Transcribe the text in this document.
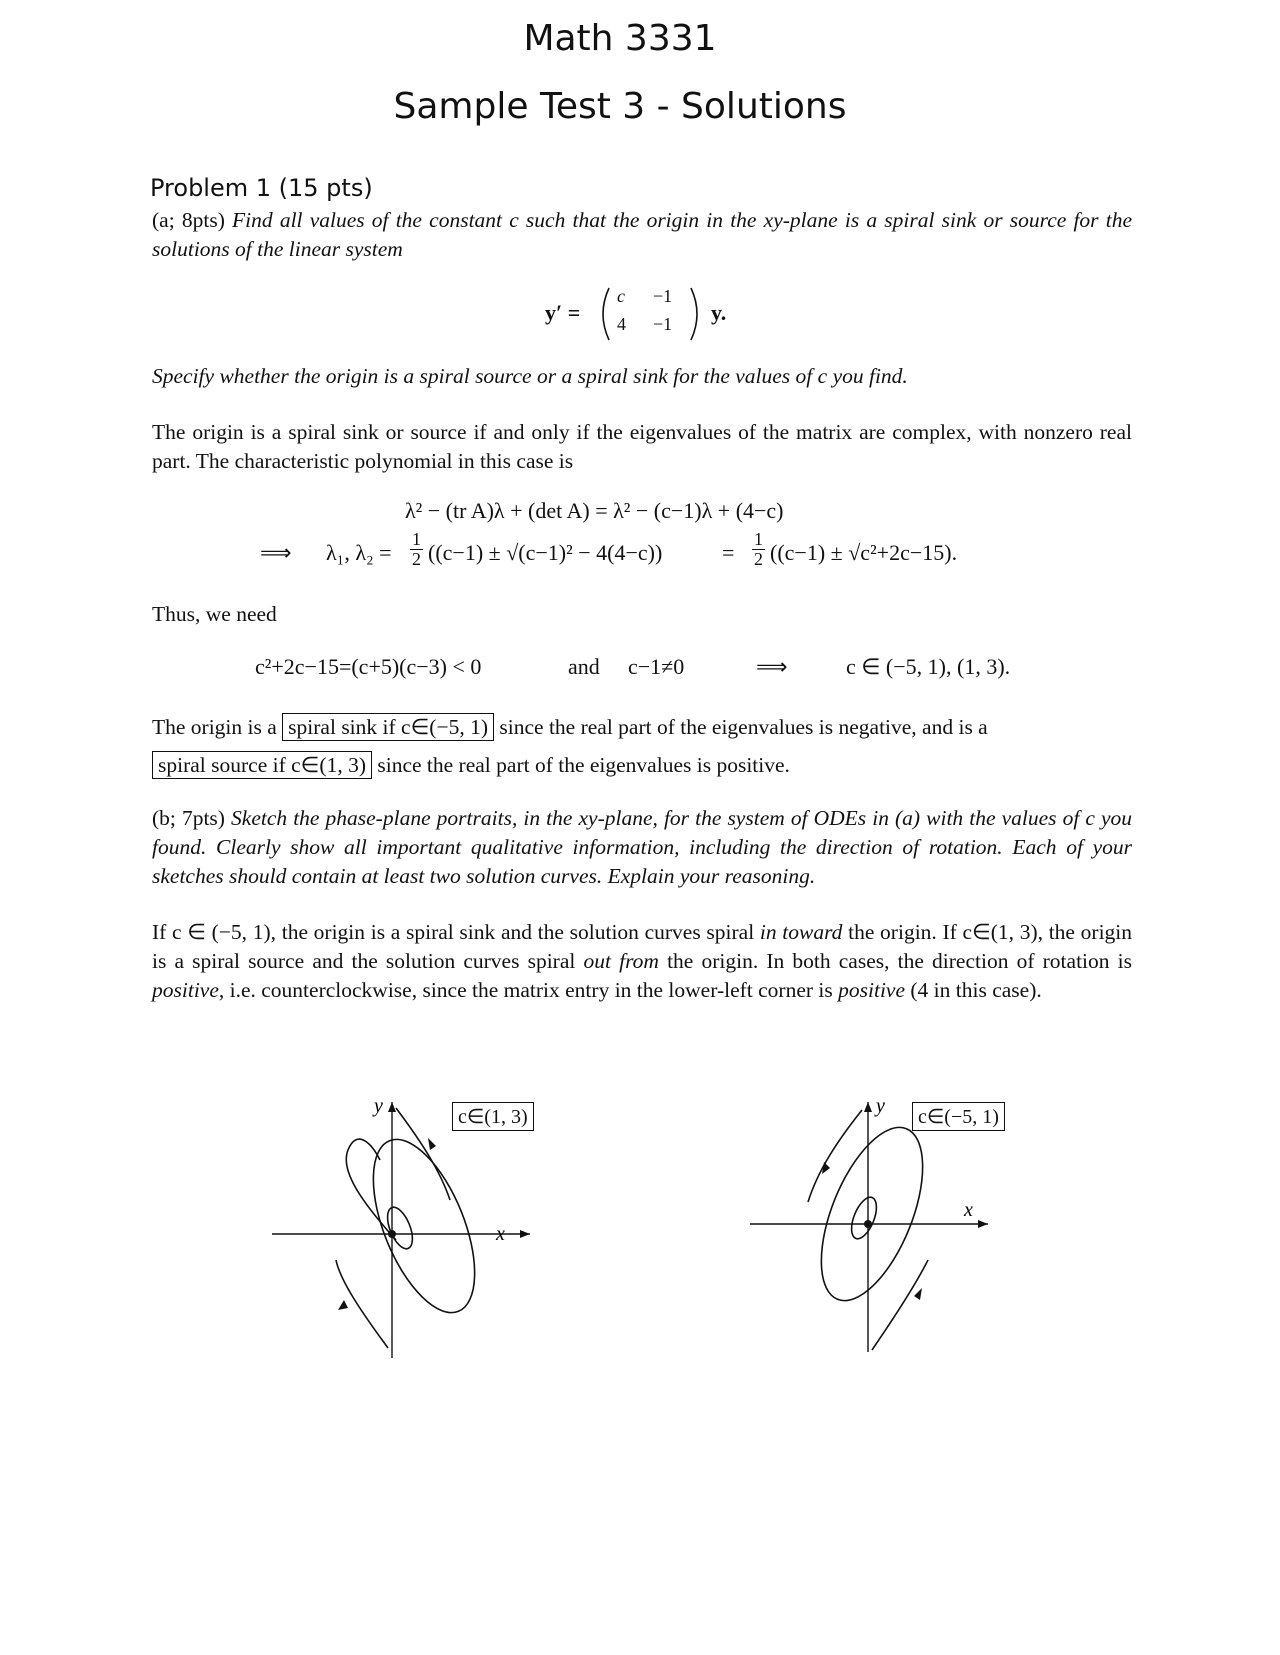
Math 3331
Sample Test 3 - Solutions
Problem 1 (15 pts)
(a; 8pts) Find all values of the constant c such that the origin in the xy-plane is a spiral sink or source for the solutions of the linear system
y′ =
c −1
4 −1 y.
Specify whether the origin is a spiral source or a spiral sink for the values of c you find.
The origin is a spiral sink or source if and only if the eigenvalues of the matrix are complex, with nonzero real part. The characteristic polynomial in this case is
λ² − (tr A)λ + (det A) = λ² − (c−1)λ + (4−c)
⟹ λ₁, $\lambda_2 = \frac{1}{2} ((c-1) \pm √(c-1)^2 - 4(4-c))$	= $\frac{1}{2} ((c-1) \pm √c^2+2c-15)$.
Thus, we need
c²+2c−15=(c+5)(c−3) < 0	and c−1≠0	⟹	c ∈ (−5, 1), (1, 3).
The origin is a spiral sink if c∈(−5, 1) since the real part of the eigenvalues is negative, and is a
spiral source if c∈(1, 3) since the real part of the eigenvalues is positive.
(b; 7pts) Sketch the phase-plane portraits, in the xy-plane, for the system of ODEs in (a) with the values of c you found. Clearly show all important qualitative information, including the direction of rotation. Each of your sketches should contain at least two solution curves. Explain your reasoning.
If c ∈ (−5, 1), the origin is a spiral sink and the solution curves spiral in toward the origin. If c∈(1, 3), the origin is a spiral source and the solution curves spiral out from the origin. In both cases, the direction of rotation is positive, i.e. counterclockwise, since the matrix entry in the lower-left corner is positive (4 in this case).
y
x
c∈(1, 3)	y
x
c∈(−5, 1)
